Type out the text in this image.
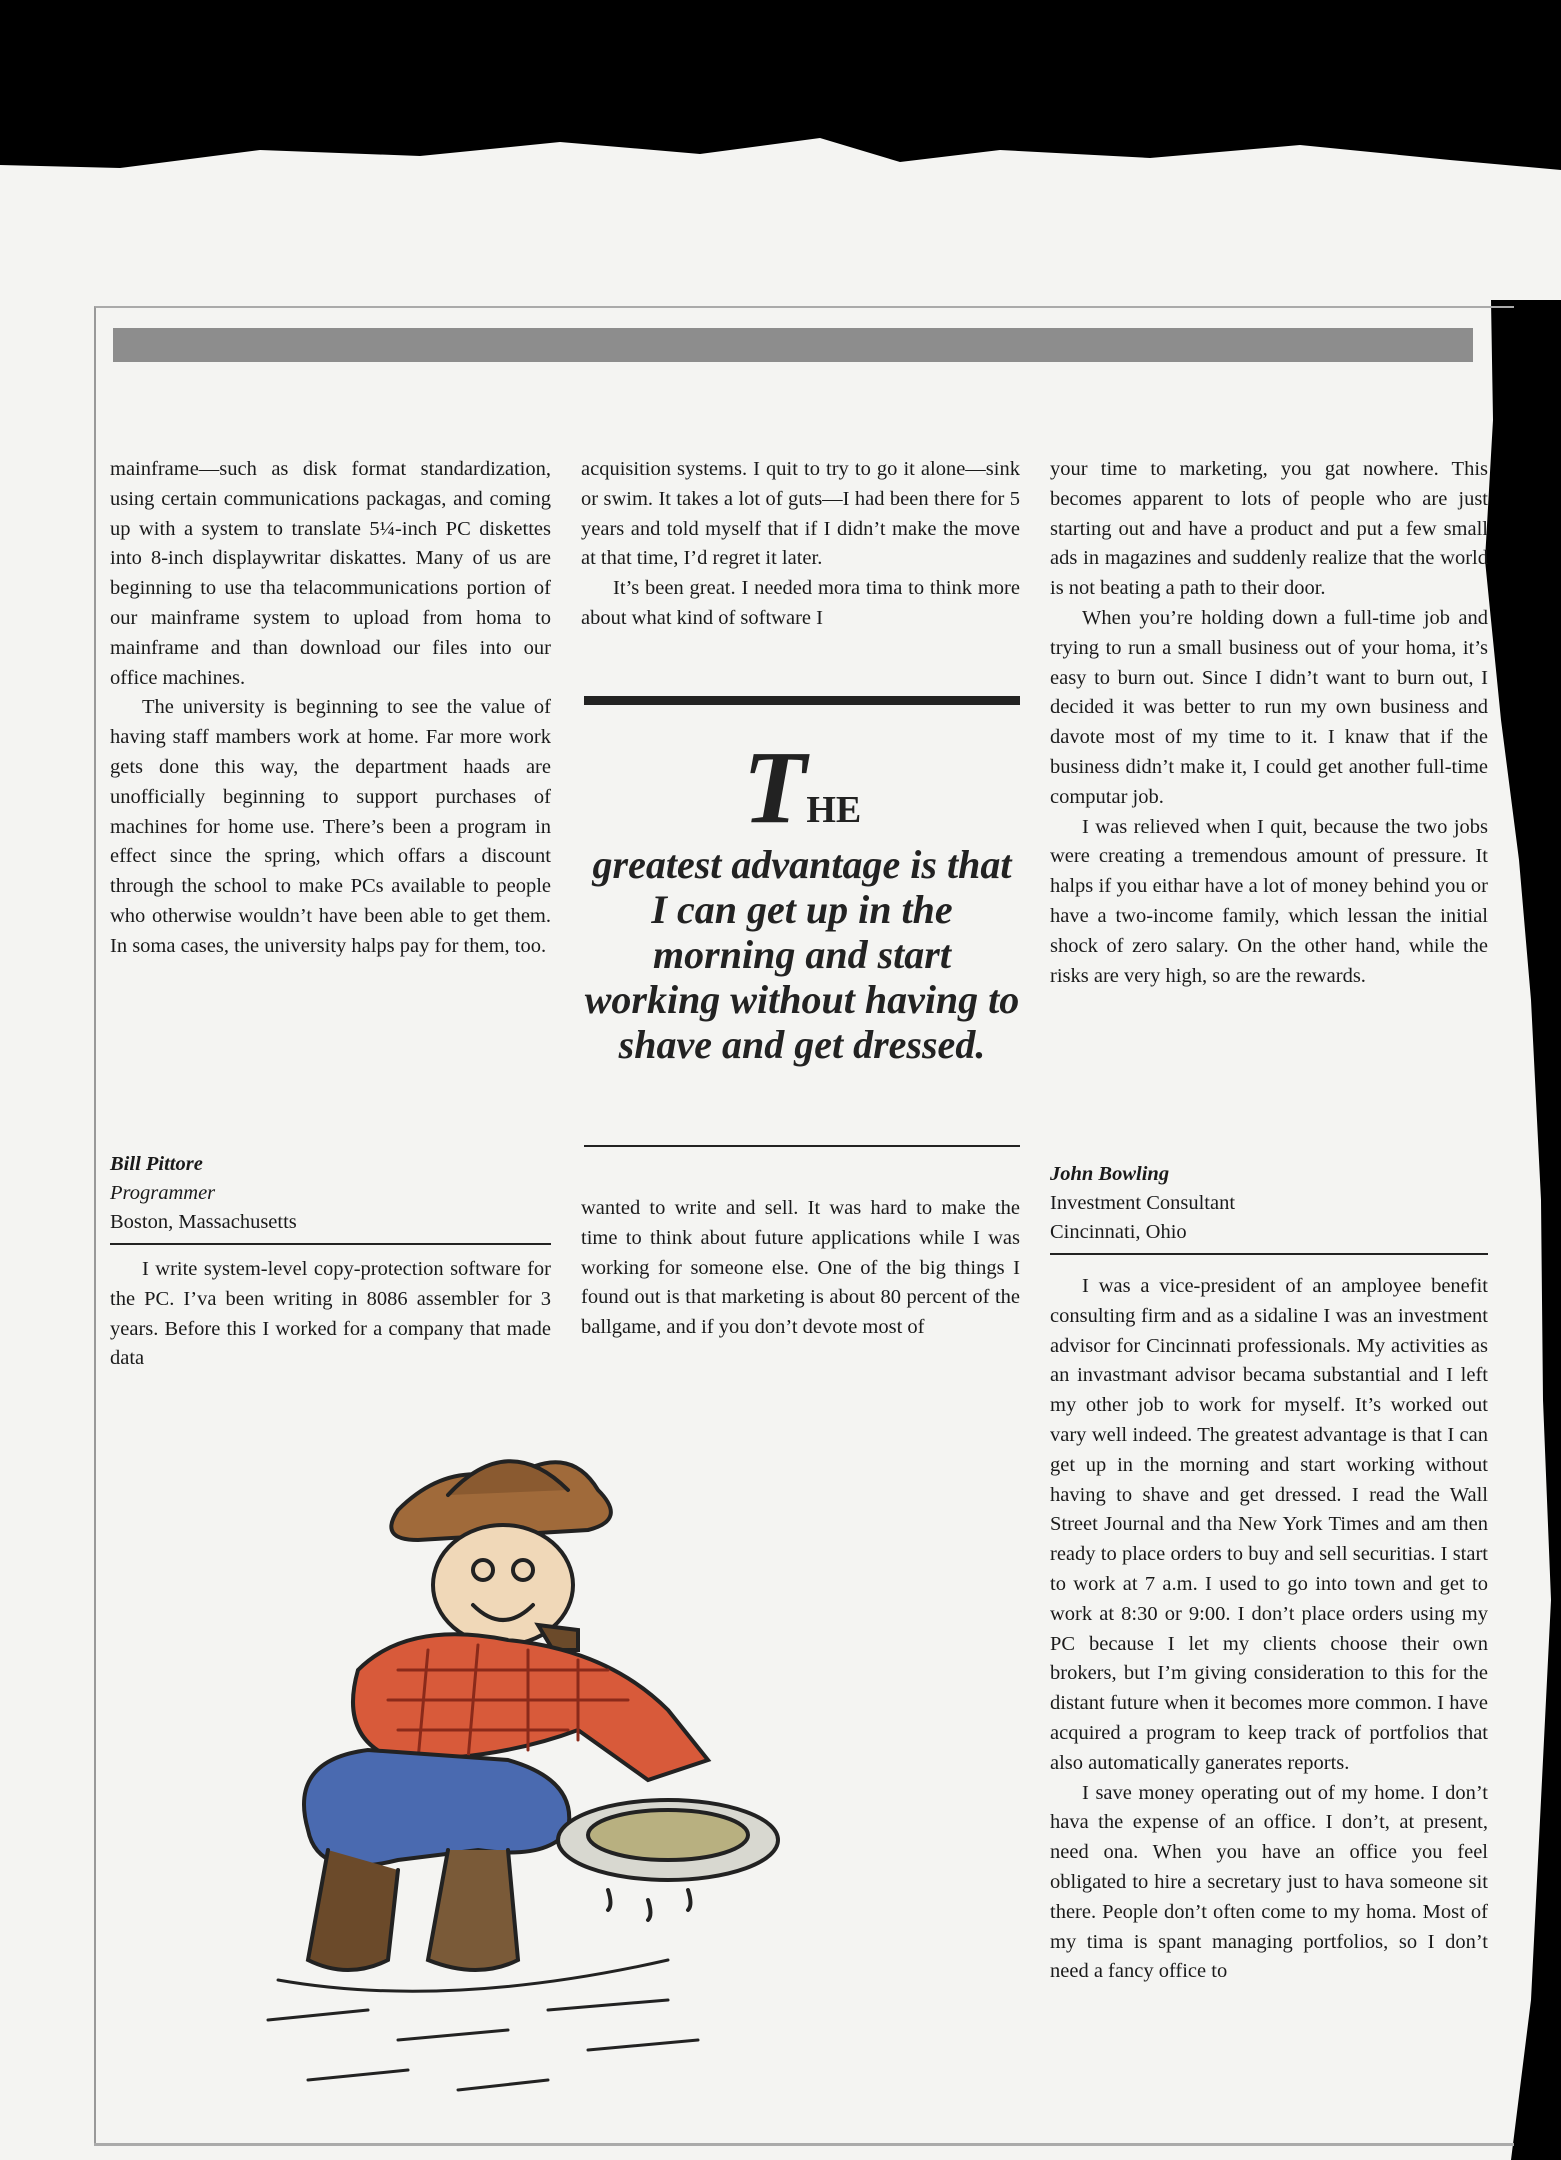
mainframe—such as disk format standardization, using certain communications packagas, and coming up with a system to translate 5¼-inch PC diskettes into 8-inch displaywritar diskattes. Many of us are beginning to use tha telacommunications portion of our mainframe system to upload from homa to mainframe and than download our files into our office machines.

The university is beginning to see the value of having staff mambers work at home. Far more work gets done this way, the department haads are unofficially beginning to support purchases of machines for home use. There’s been a program in effect since the spring, which offars a discount through the school to make PCs available to people who otherwise wouldn’t have been able to get them. In soma cases, the university halps pay for them, too.

Bill Pittore
Programmer
Boston, Massachusetts

I write system-level copy-protection software for the PC. I’va been writing in 8086 assembler for 3 years. Before this I worked for a company that made data

acquisition systems. I quit to try to go it alone—sink or swim. It takes a lot of guts—I had been there for 5 years and told myself that if I didn’t make the move at that time, I’d regret it later.

It’s been great. I needed mora tima to think more about what kind of software I

THE
greatest advantage is that I can get up in the morning and start working without having to shave and get dressed.

wanted to write and sell. It was hard to make the time to think about future applications while I was working for someone else. One of the big things I found out is that marketing is about 80 percent of the ballgame, and if you don’t devote most of

your time to marketing, you gat nowhere. This becomes apparent to lots of people who are just starting out and have a product and put a few small ads in magazines and suddenly realize that the world is not beating a path to their door.

When you’re holding down a full-time job and trying to run a small business out of your homa, it’s easy to burn out. Since I didn’t want to burn out, I decided it was better to run my own business and davote most of my time to it. I knaw that if the business didn’t make it, I could get another full-time computar job.

I was relieved when I quit, because the two jobs were creating a tremendous amount of pressure. It halps if you eithar have a lot of money behind you or have a two-income family, which lessan the initial shock of zero salary. On the other hand, while the risks are very high, so are the rewards.

John Bowling
Investment Consultant
Cincinnati, Ohio

I was a vice-president of an amployee benefit consulting firm and as a sidaline I was an investment advisor for Cincinnati professionals. My activities as an invastmant advisor becama substantial and I left my other job to work for myself. It’s worked out vary well indeed. The greatest advantage is that I can get up in the morning and start working without having to shave and get dressed. I read the Wall Street Journal and tha New York Times and am then ready to place orders to buy and sell securitias. I start to work at 7 a.m. I used to go into town and get to work at 8:30 or 9:00. I don’t place orders using my PC because I let my clients choose their own brokers, but I’m giving consideration to this for the distant future when it becomes more common. I have acquired a program to keep track of portfolios that also automatically ganerates reports.

I save money operating out of my home. I don’t hava the expense of an office. I don’t, at present, need ona. When you have an office you feel obligated to hire a secretary just to hava someone sit there. People don’t often come to my homa. Most of my tima is spant managing portfolios, so I don’t need a fancy office to
